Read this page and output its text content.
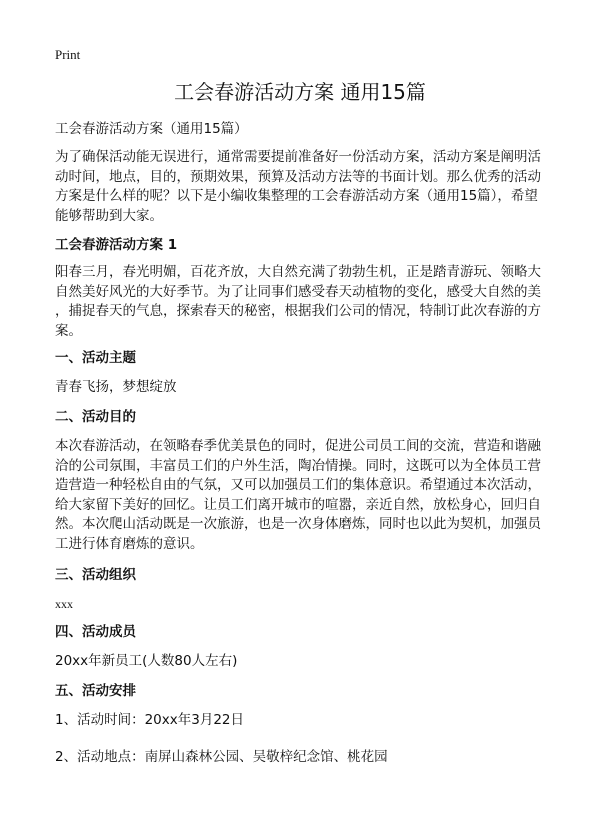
Print
工会春游活动方案 通用15篇
工会春游活动方案（通用15篇）
为了确保活动能无误进行，通常需要提前准备好一份活动方案，活动方案是阐明活
动时间，地点，目的，预期效果，预算及活动方法等的书面计划。那么优秀的活动
方案是什么样的呢？以下是小编收集整理的工会春游活动方案（通用15篇），希望
能够帮助到大家。
工会春游活动方案 1
阳春三月，春光明媚，百花齐放，大自然充满了勃勃生机，正是踏青游玩、领略大
自然美好风光的大好季节。为了让同事们感受春天动植物的变化，感受大自然的美
，捕捉春天的气息，探索春天的秘密，根据我们公司的情况，特制订此次春游的方
案。
一、活动主题
青春飞扬，梦想绽放
二、活动目的
本次春游活动，在领略春季优美景色的同时，促进公司员工间的交流，营造和谐融
洽的公司氛围，丰富员工们的户外生活，陶冶情操。同时，这既可以为全体员工营
造营造一种轻松自由的气氛，又可以加强员工们的集体意识。希望通过本次活动，
给大家留下美好的回忆。让员工们离开城市的喧嚣，亲近自然，放松身心，回归自
然。本次爬山活动既是一次旅游，也是一次身体磨炼，同时也以此为契机，加强员
工进行体育磨炼的意识。
三、活动组织
xxx
四、活动成员
20xx年新员工(人数80人左右)
五、活动安排
1、活动时间：20xx年3月22日
2、活动地点：南屏山森林公园、吴敬梓纪念馆、桃花园
